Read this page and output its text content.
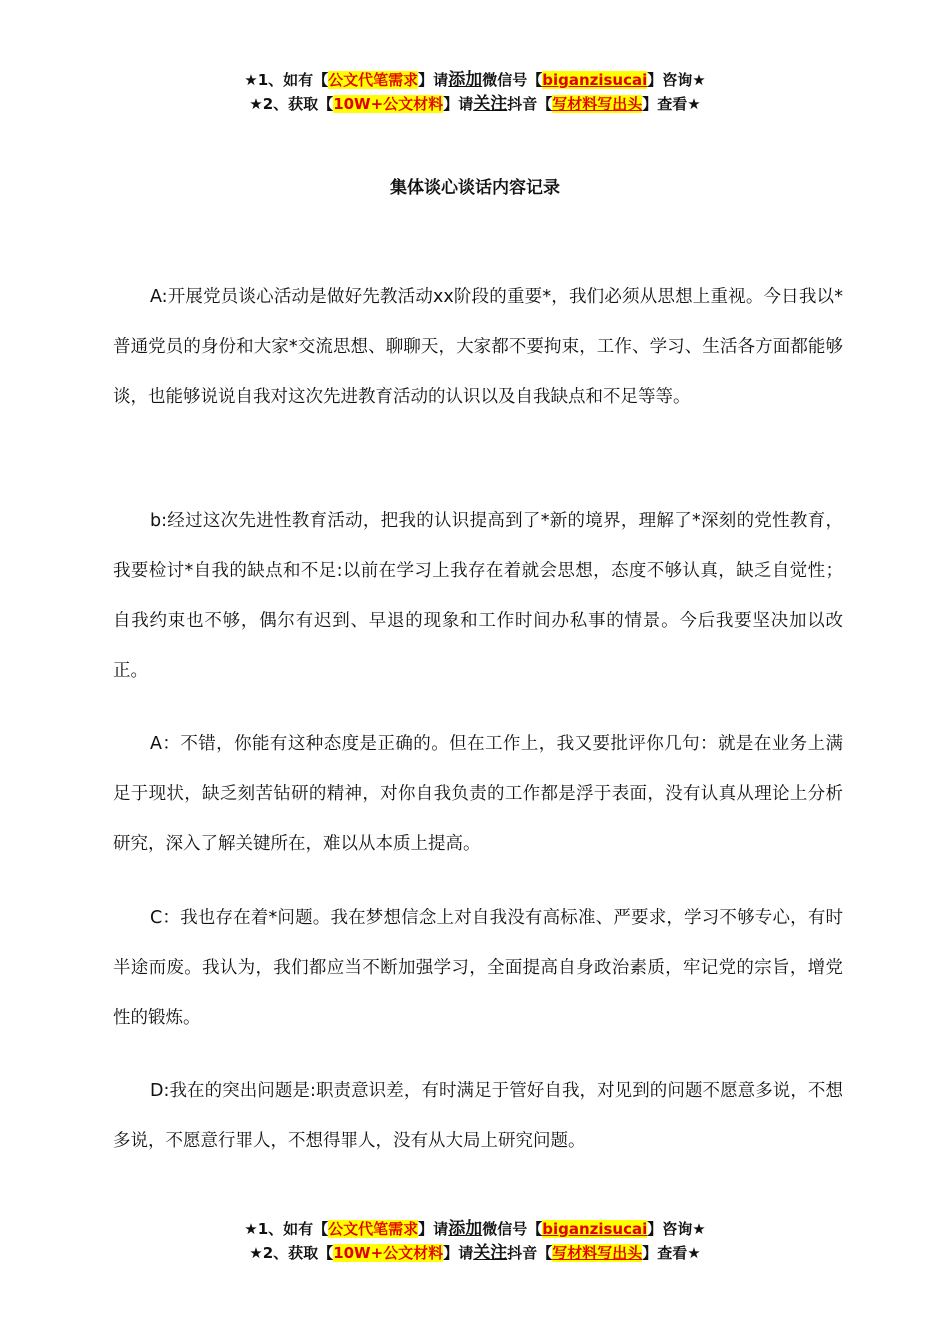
★1、如有【公文代笔需求】请添加微信号【biganzisucai】咨询★
★2、获取【10W+公文材料】请关注抖音【写材料写出头】查看★
集体谈心谈话内容记录

A:开展党员谈心活动是做好先教活动xx阶段的重要*，我们必须从思想上重视。今日我以*普通党员的身份和大家*交流思想、聊聊天，大家都不要拘束，工作、学习、生活各方面都能够谈，也能够说说自我对这次先进教育活动的认识以及自我缺点和不足等等。

b:经过这次先进性教育活动，把我的认识提高到了*新的境界，理解了*深刻的党性教育，我要检讨*自我的缺点和不足:以前在学习上我存在着就会思想，态度不够认真，缺乏自觉性；自我约束也不够，偶尔有迟到、早退的现象和工作时间办私事的情景。今后我要坚决加以改正。

A：不错，你能有这种态度是正确的。但在工作上，我又要批评你几句：就是在业务上满足于现状，缺乏刻苦钻研的精神，对你自我负责的工作都是浮于表面，没有认真从理论上分析研究，深入了解关键所在，难以从本质上提高。

C：我也存在着*问题。我在梦想信念上对自我没有高标准、严要求，学习不够专心，有时半途而废。我认为，我们都应当不断加强学习，全面提高自身政治素质，牢记党的宗旨，增党性的锻炼。

D:我在的突出问题是:职责意识差，有时满足于管好自我，对见到的问题不愿意多说，不想多说，不愿意行罪人，不想得罪人，没有从大局上研究问题。

★1、如有【公文代笔需求】请添加微信号【biganzisucai】咨询★
★2、获取【10W+公文材料】请关注抖音【写材料写出头】查看★
